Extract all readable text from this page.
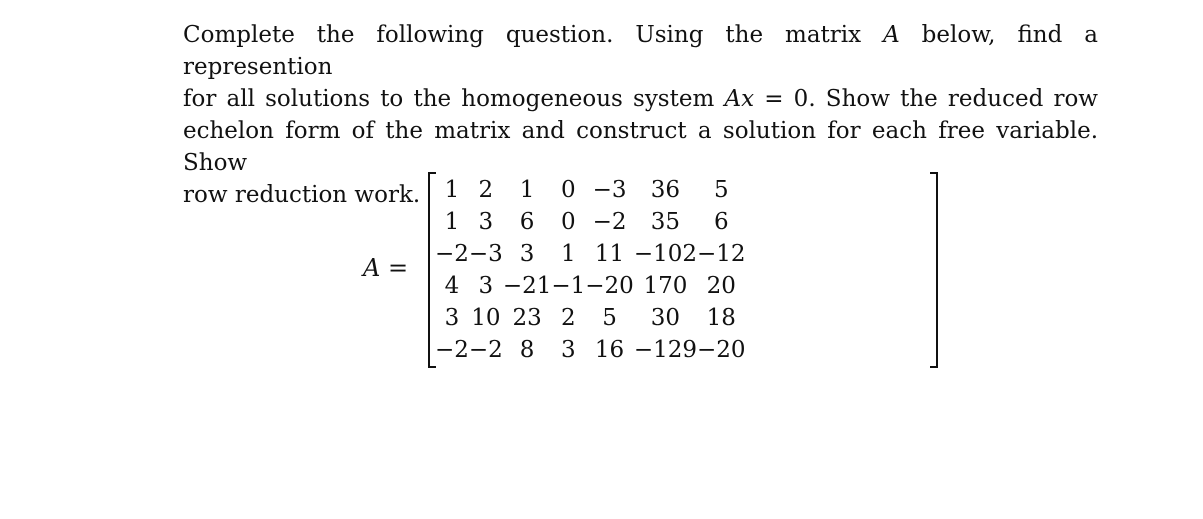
Complete the following question. Using the matrix A below, find a represention
for all solutions to the homogeneous system Ax = 0. Show the reduced row
echelon form of the matrix and construct a solution for each free variable. Show
row reduction work.
A =
1	2	1	0	−3	36	5
1	3	6	0	−2	35	6
−2	−3	3	1	11	−102	−12
4	3	−21	−1	−20	170	20
3	10	23	2	5	30	18
−2	−2	8	3	16	−129	−20
